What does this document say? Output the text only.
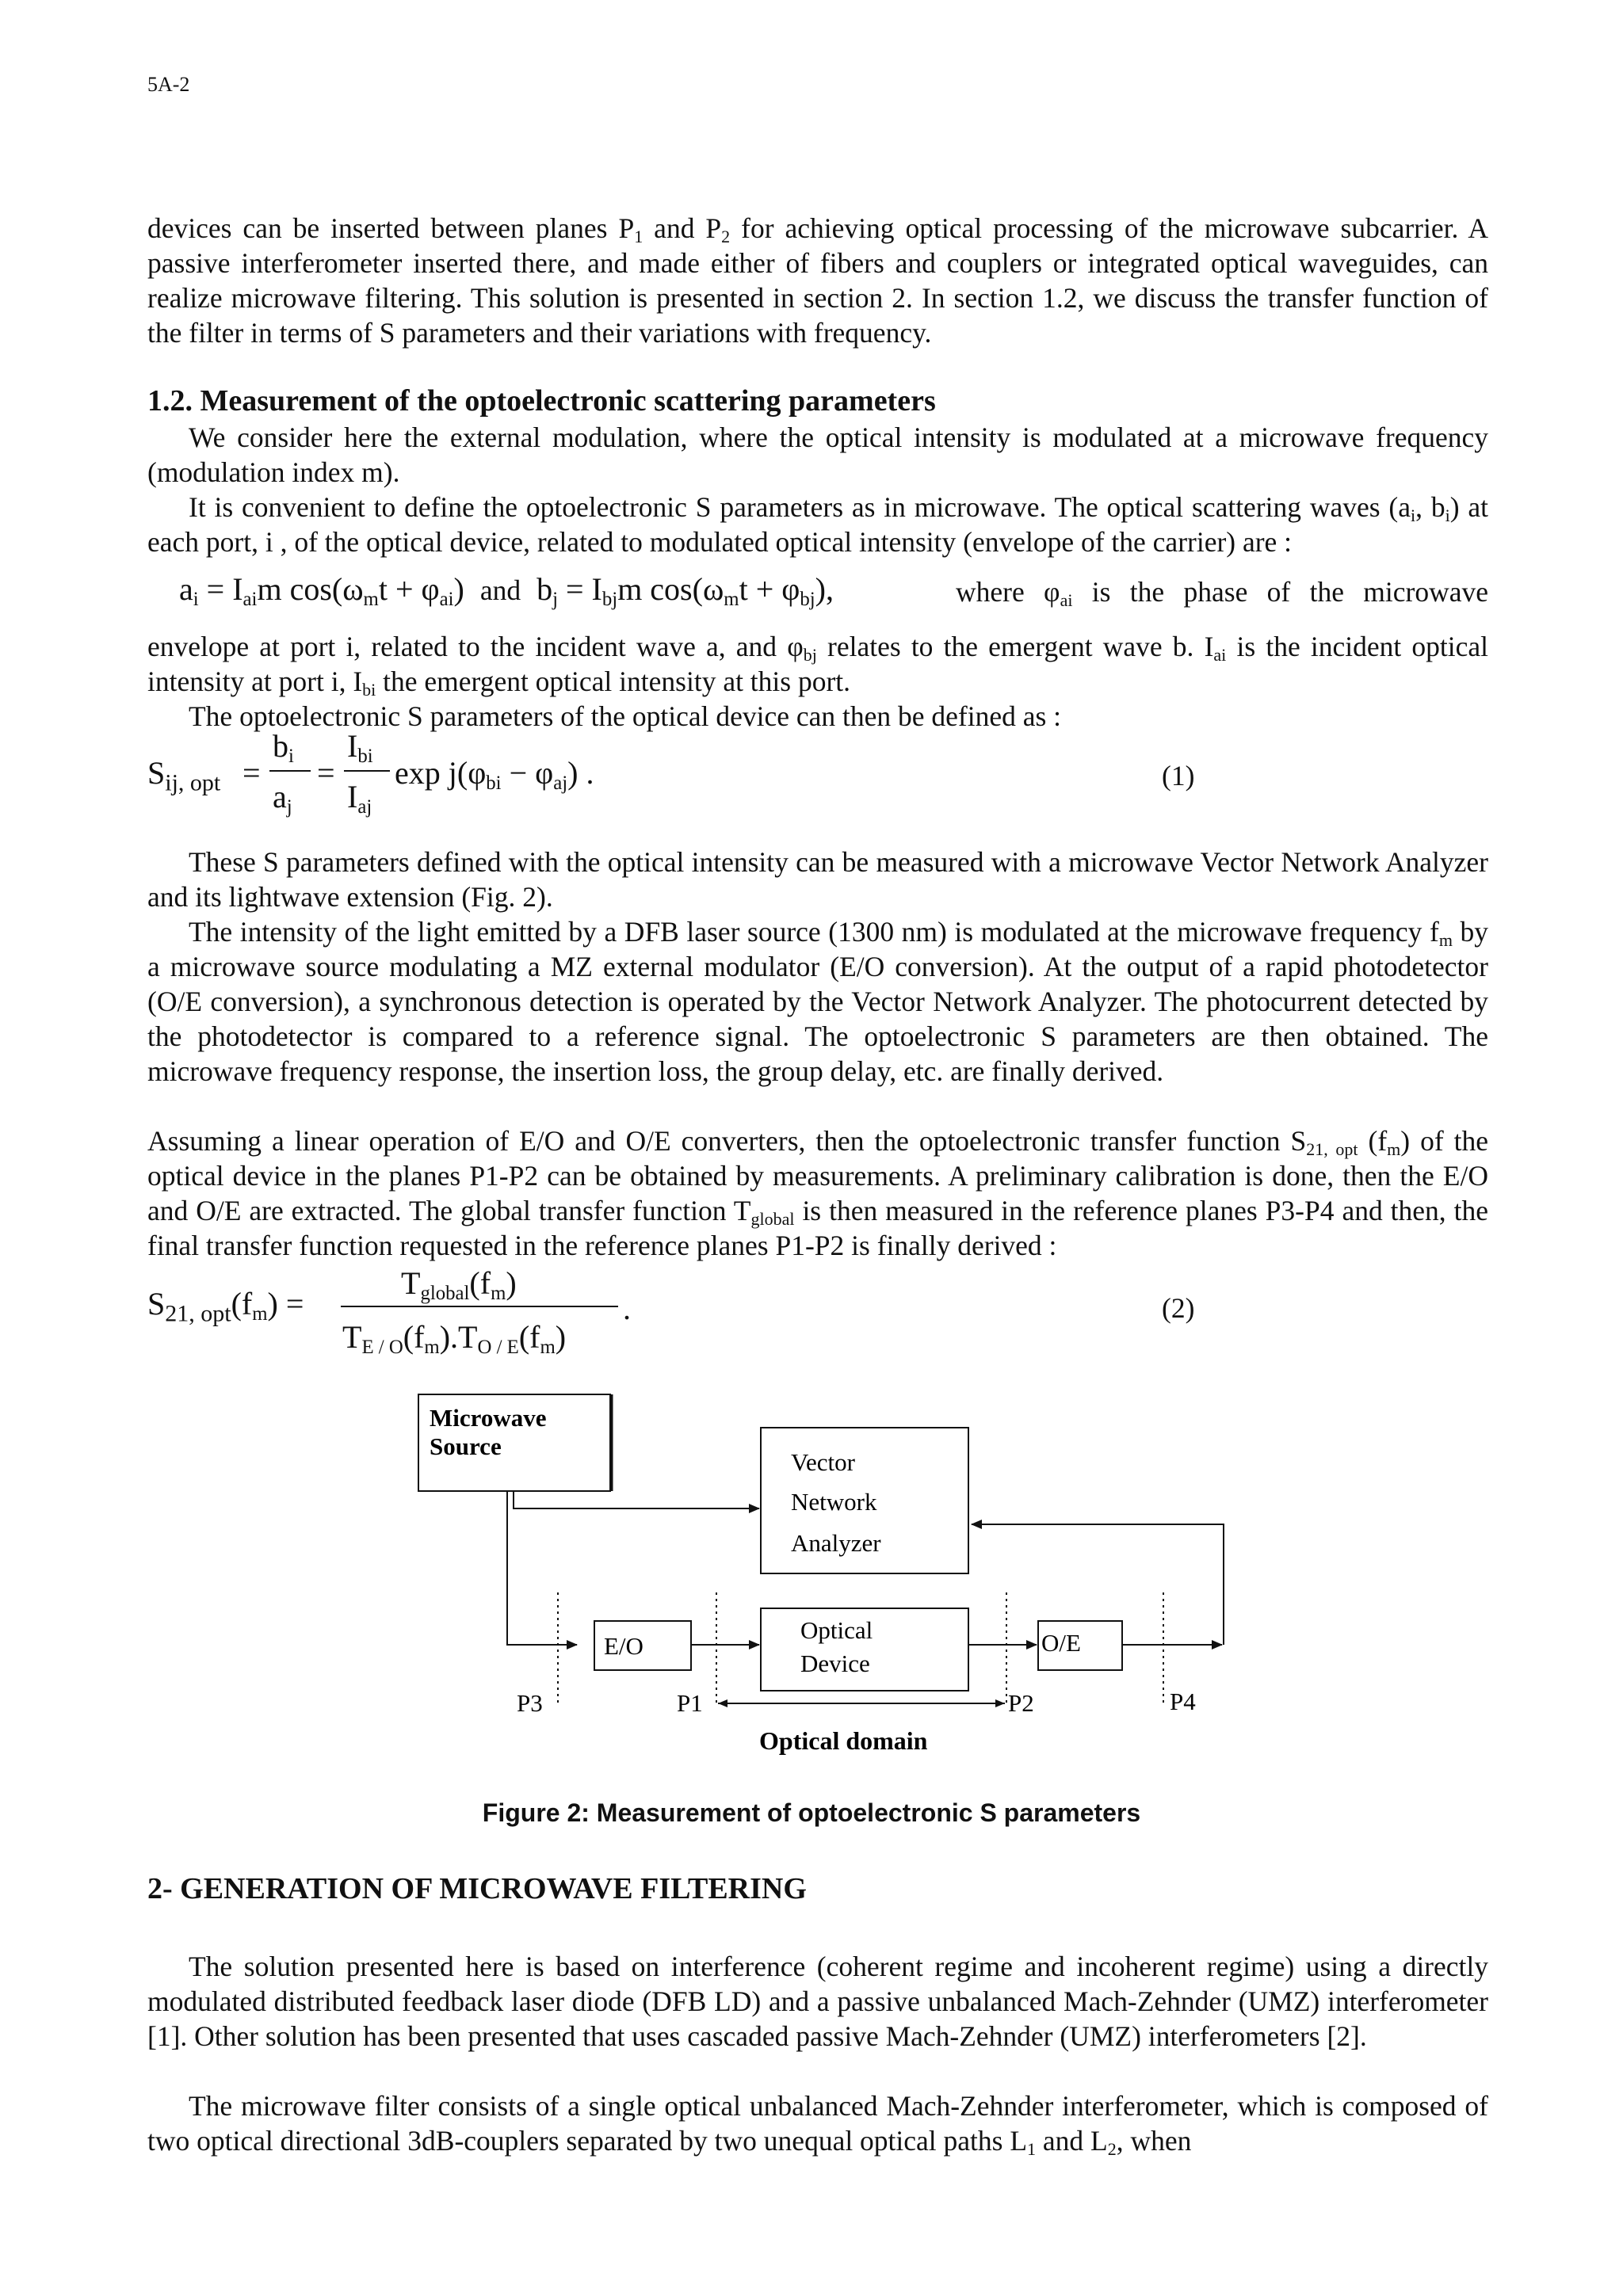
5A-2

devices can be inserted between planes $P_1$ and $P_2$ for achieving optical processing of the microwave subcarrier. A passive interferometer inserted there, and made either of fibers and couplers or integrated optical waveguides, can realize microwave filtering. This solution is presented in section 2. In section 1.2, we discuss the transfer function of the filter in terms of S parameters and their variations with frequency.

1.2. Measurement of the optoelectronic scattering parameters
We consider here the external modulation, where the optical intensity is modulated at a microwave frequency (modulation index m).
It is convenient to define the optoelectronic S parameters as in microwave. The optical scattering waves ($a_i$, $b_i$) at each port, i , of the optical device, related to modulated optical intensity (envelope of the carrier) are :
$a_i = I_{ai}m$ $\cos(\omega_mt + \varphi_{ai})$ and $b_j = I_{bj}m$ $\cos(\omega_mt + \varphi_{bj})$,	where $\varphi_{ai}$ is the phase of the microwave
envelope at port i, related to the incident wave a, and $\varphi_{bj}$ relates to the emergent wave b. $I_{ai}$ is the incident optical intensity at port i, $I_{bi}$ the emergent optical intensity at this port.
The optoelectronic S parameters of the optical device can then be defined as :
$S_{ij, opt}$ =
$b_i$
$a_j$
=
$I_{bi}$
$I_{aj}$
$\exp j(\varphi_{bi} - \varphi_{aj})$ .	(1)
These S parameters defined with the optical intensity can be measured with a microwave Vector Network Analyzer and its lightwave extension (Fig. 2).
The intensity of the light emitted by a DFB laser source (1300 nm) is modulated at the microwave frequency $f_m$ by a microwave source modulating a MZ external modulator (E/O conversion). At the output of a rapid photodetector (O/E conversion), a synchronous detection is operated by the Vector Network Analyzer. The photocurrent detected by the photodetector is compared to a reference signal. The optoelectronic S parameters are then obtained. The microwave frequency response, the insertion loss, the group delay, etc. are finally derived.
Assuming a linear operation of E/O and O/E converters, then the optoelectronic transfer function $S_{21, opt}$ $(f_m)$ of the optical device in the planes P1-P2 can be obtained by measurements. A preliminary calibration is done, then the E/O and O/E are extracted. The global transfer function $T_{global}$ is then measured in the reference planes P3-P4 and then, the final transfer function requested in the reference planes P1-P2 is finally derived :
$S_{21, opt}(f_m)$ =
$T_{global}(f_m)$
$T_{E / O}(f_m).T_{O / E}(f_m)$
.	(2)
Microwave
Source
Vector
Network
Analyzer
E/O
Optical
Device
O/E
P3	P1	P2	P4
Optical domain
Figure 2: Measurement of optoelectronic S parameters
2- GENERATION OF MICROWAVE FILTERING
The solution presented here is based on interference (coherent regime and incoherent regime) using a directly modulated distributed feedback laser diode (DFB LD) and a passive unbalanced Mach-Zehnder (UMZ) interferometer [1]. Other solution has been presented that uses cascaded passive Mach-Zehnder (UMZ) interferometers [2].
The microwave filter consists of a single optical unbalanced Mach-Zehnder interferometer, which is composed of two optical directional 3dB-couplers separated by two unequal optical paths $L_1$ and $L_2$, when
